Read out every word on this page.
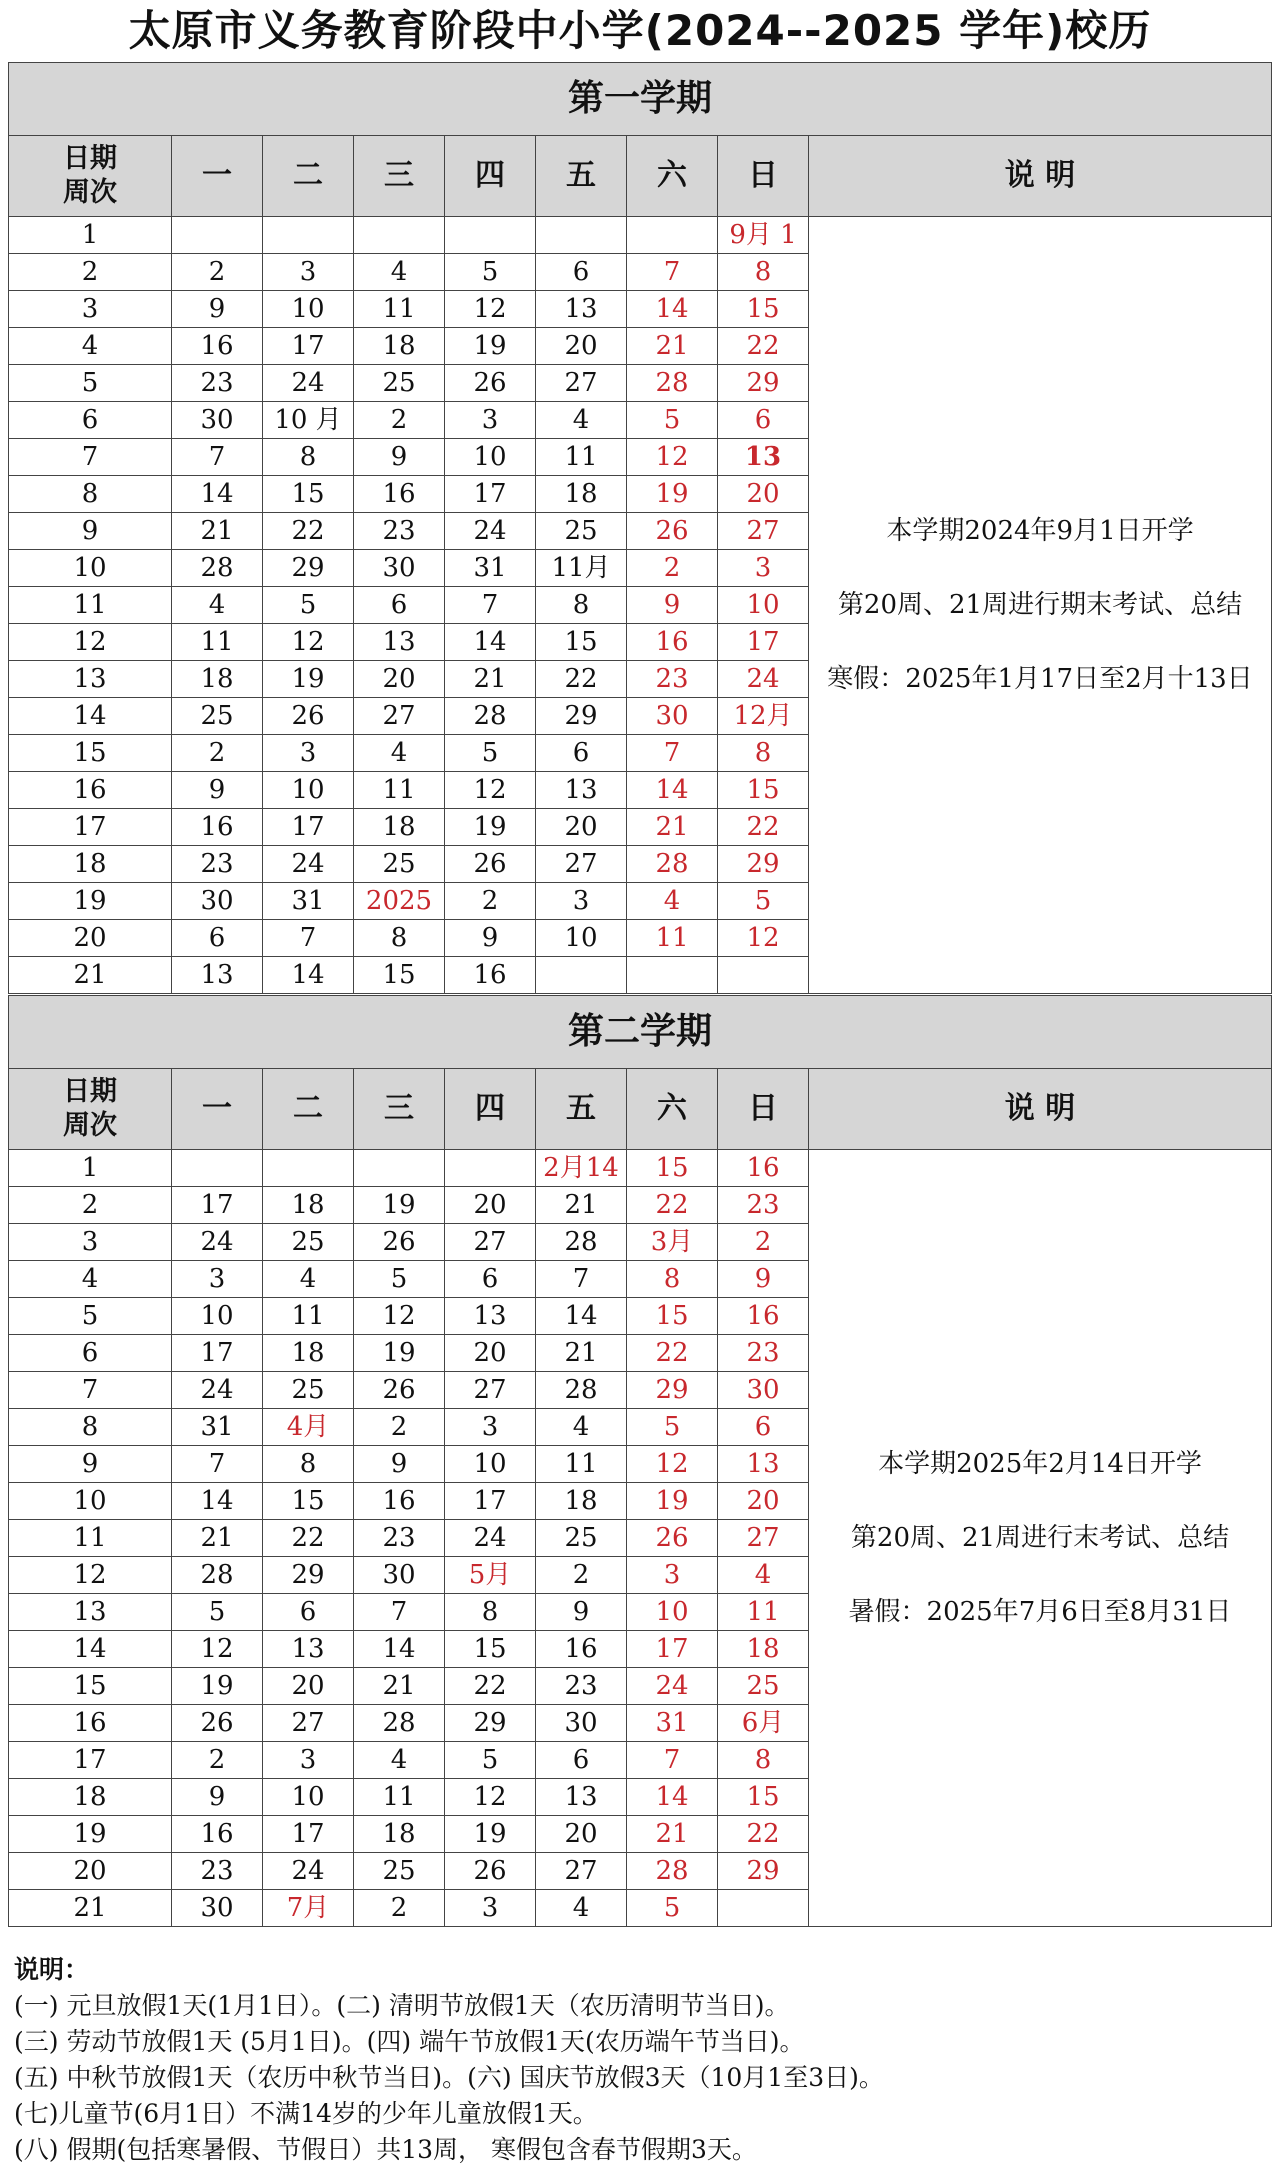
太原市义务教育阶段中小学(2024--2025 学年)校历
第一学期								

日期
周次	一	二	三	四	五	六	日	说 明
1							9月 1	本学期2024年9月1日开学
第20周、21周进行期末考试、总结
寒假：2025年1月17日至2月十13日

2	2	3	4	5	6	7	8	
3	9	10	11	12	13	14	15	
4	16	17	18	19	20	21	22	
5	23	24	25	26	27	28	29	
6	30	10 月	2	3	4	5	6	
7	7	8	9	10	11	12	13	
8	14	15	16	17	18	19	20	
9	21	22	23	24	25	26	27	
10	28	29	30	31	11月	2	3	
11	4	5	6	7	8	9	10	
12	11	12	13	14	15	16	17	
13	18	19	20	21	22	23	24	
14	25	26	27	28	29	30	12月	
15	2	3	4	5	6	7	8	
16	9	10	11	12	13	14	15	
17	16	17	18	19	20	21	22	
18	23	24	25	26	27	28	29	
19	30	31	2025	2	3	4	5	
20	6	7	8	9	10	11	12	
21	13	14	15	16				
第二学期								

日期
周次	一	二	三	四	五	六	日	说 明
1					2月14	15	16	本学期2025年2月14日开学
第20周、21周进行末考试、总结
暑假：2025年7月6日至8月31日

2	17	18	19	20	21	22	23	
3	24	25	26	27	28	3月	2	
4	3	4	5	6	7	8	9	
5	10	11	12	13	14	15	16	
6	17	18	19	20	21	22	23	
7	24	25	26	27	28	29	30	
8	31	4月	2	3	4	5	6	
9	7	8	9	10	11	12	13	
10	14	15	16	17	18	19	20	
11	21	22	23	24	25	26	27	
12	28	29	30	5月	2	3	4	
13	5	6	7	8	9	10	11	
14	12	13	14	15	16	17	18	
15	19	20	21	22	23	24	25	
16	26	27	28	29	30	31	6月	
17	2	3	4	5	6	7	8	
18	9	10	11	12	13	14	15	
19	16	17	18	19	20	21	22	
20	23	24	25	26	27	28	29	
21	30	7月	2	3	4	5		
说明：
(一) 元旦放假1天(1月1日）。(二) 清明节放假1天（农历清明节当日)。
(三) 劳动节放假1天 (5月1日)。(四) 端午节放假1天(农历端午节当日)。
(五) 中秋节放假1天（农历中秋节当日)。(六) 国庆节放假3天（10月1至3日)。
(七)儿童节(6月1日）不满14岁的少年儿童放假1天。
(八) 假期(包括寒暑假、节假日）共13周， 寒假包含春节假期3天。
